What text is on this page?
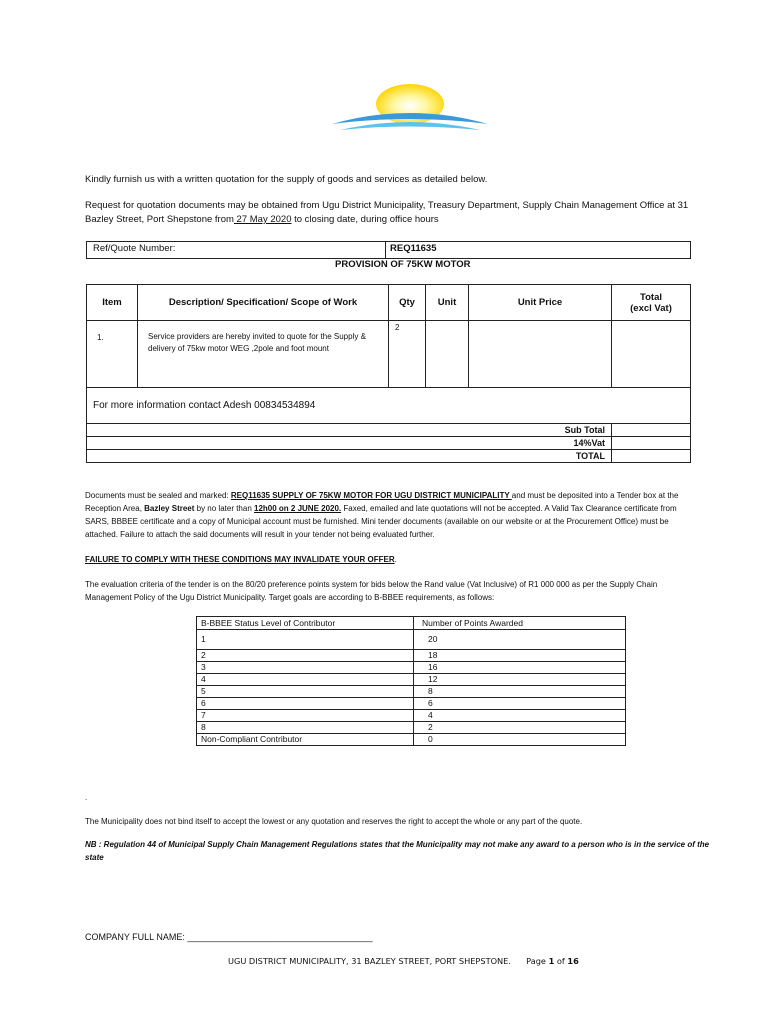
Kindly furnish us with a written quotation for the supply of goods and services as detailed below.
Request for quotation documents may be obtained from Ugu District Municipality, Treasury Department, Supply Chain Management Office at 31 Bazley Street, Port Shepstone from 27 May 2020 to closing date, during office hours
Ref/Quote Number:	REQ11635
PROVISION OF 75KW MOTOR
Item	Description/ Specification/ Scope of Work	Qty	Unit	Unit Price	Total
(excl Vat)

1.	Service providers are hereby invited to quote for the Supply & delivery of 75kw motor WEG ,2pole and foot mount	2			
For more information contact Adesh 00834534894					
Sub Total					
14%Vat					
TOTAL					
Documents must be sealed and marked: REQ11635 SUPPLY OF 75KW MOTOR FOR UGU DISTRICT MUNICIPALITY and must be deposited into a Tender box at the Reception Area, Bazley Street by no later than 12h00 on 2 JUNE 2020. Faxed, emailed and late quotations will not be accepted. A Valid Tax Clearance certificate from SARS, BBBEE certificate and a copy of Municipal account must be furnished. Mini tender documents (available on our website or at the Procurement Office) must be attached. Failure to attach the said documents will result in your tender not being evaluated further.
FAILURE TO COMPLY WITH THESE CONDITIONS MAY INVALIDATE YOUR OFFER.
The evaluation criteria of the tender is on the 80/20 preference points system for bids below the Rand value (Vat Inclusive) of R1 000 000 as per the Supply Chain Management Policy of the Ugu District Municipality. Target goals are according to B-BBEE requirements, as follows:
B-BBEE Status Level of Contributor	Number of Points Awarded
1	20
2	18
3	16
4	12
5	8
6	6
7	4
8	2
Non-Compliant Contributor	0
.
The Municipality does not bind itself to accept the lowest or any quotation and reserves the right to accept the whole or any part of the quote.
NB : Regulation 44 of Municipal Supply Chain Management Regulations states that the Municipality may not make any award to a person who is in the service of the state
COMPANY FULL NAME: _____________________________________
UGU DISTRICT MUNICIPALITY, 31 BAZLEY STREET, PORT SHEPSTONE. Page 1 of 16
